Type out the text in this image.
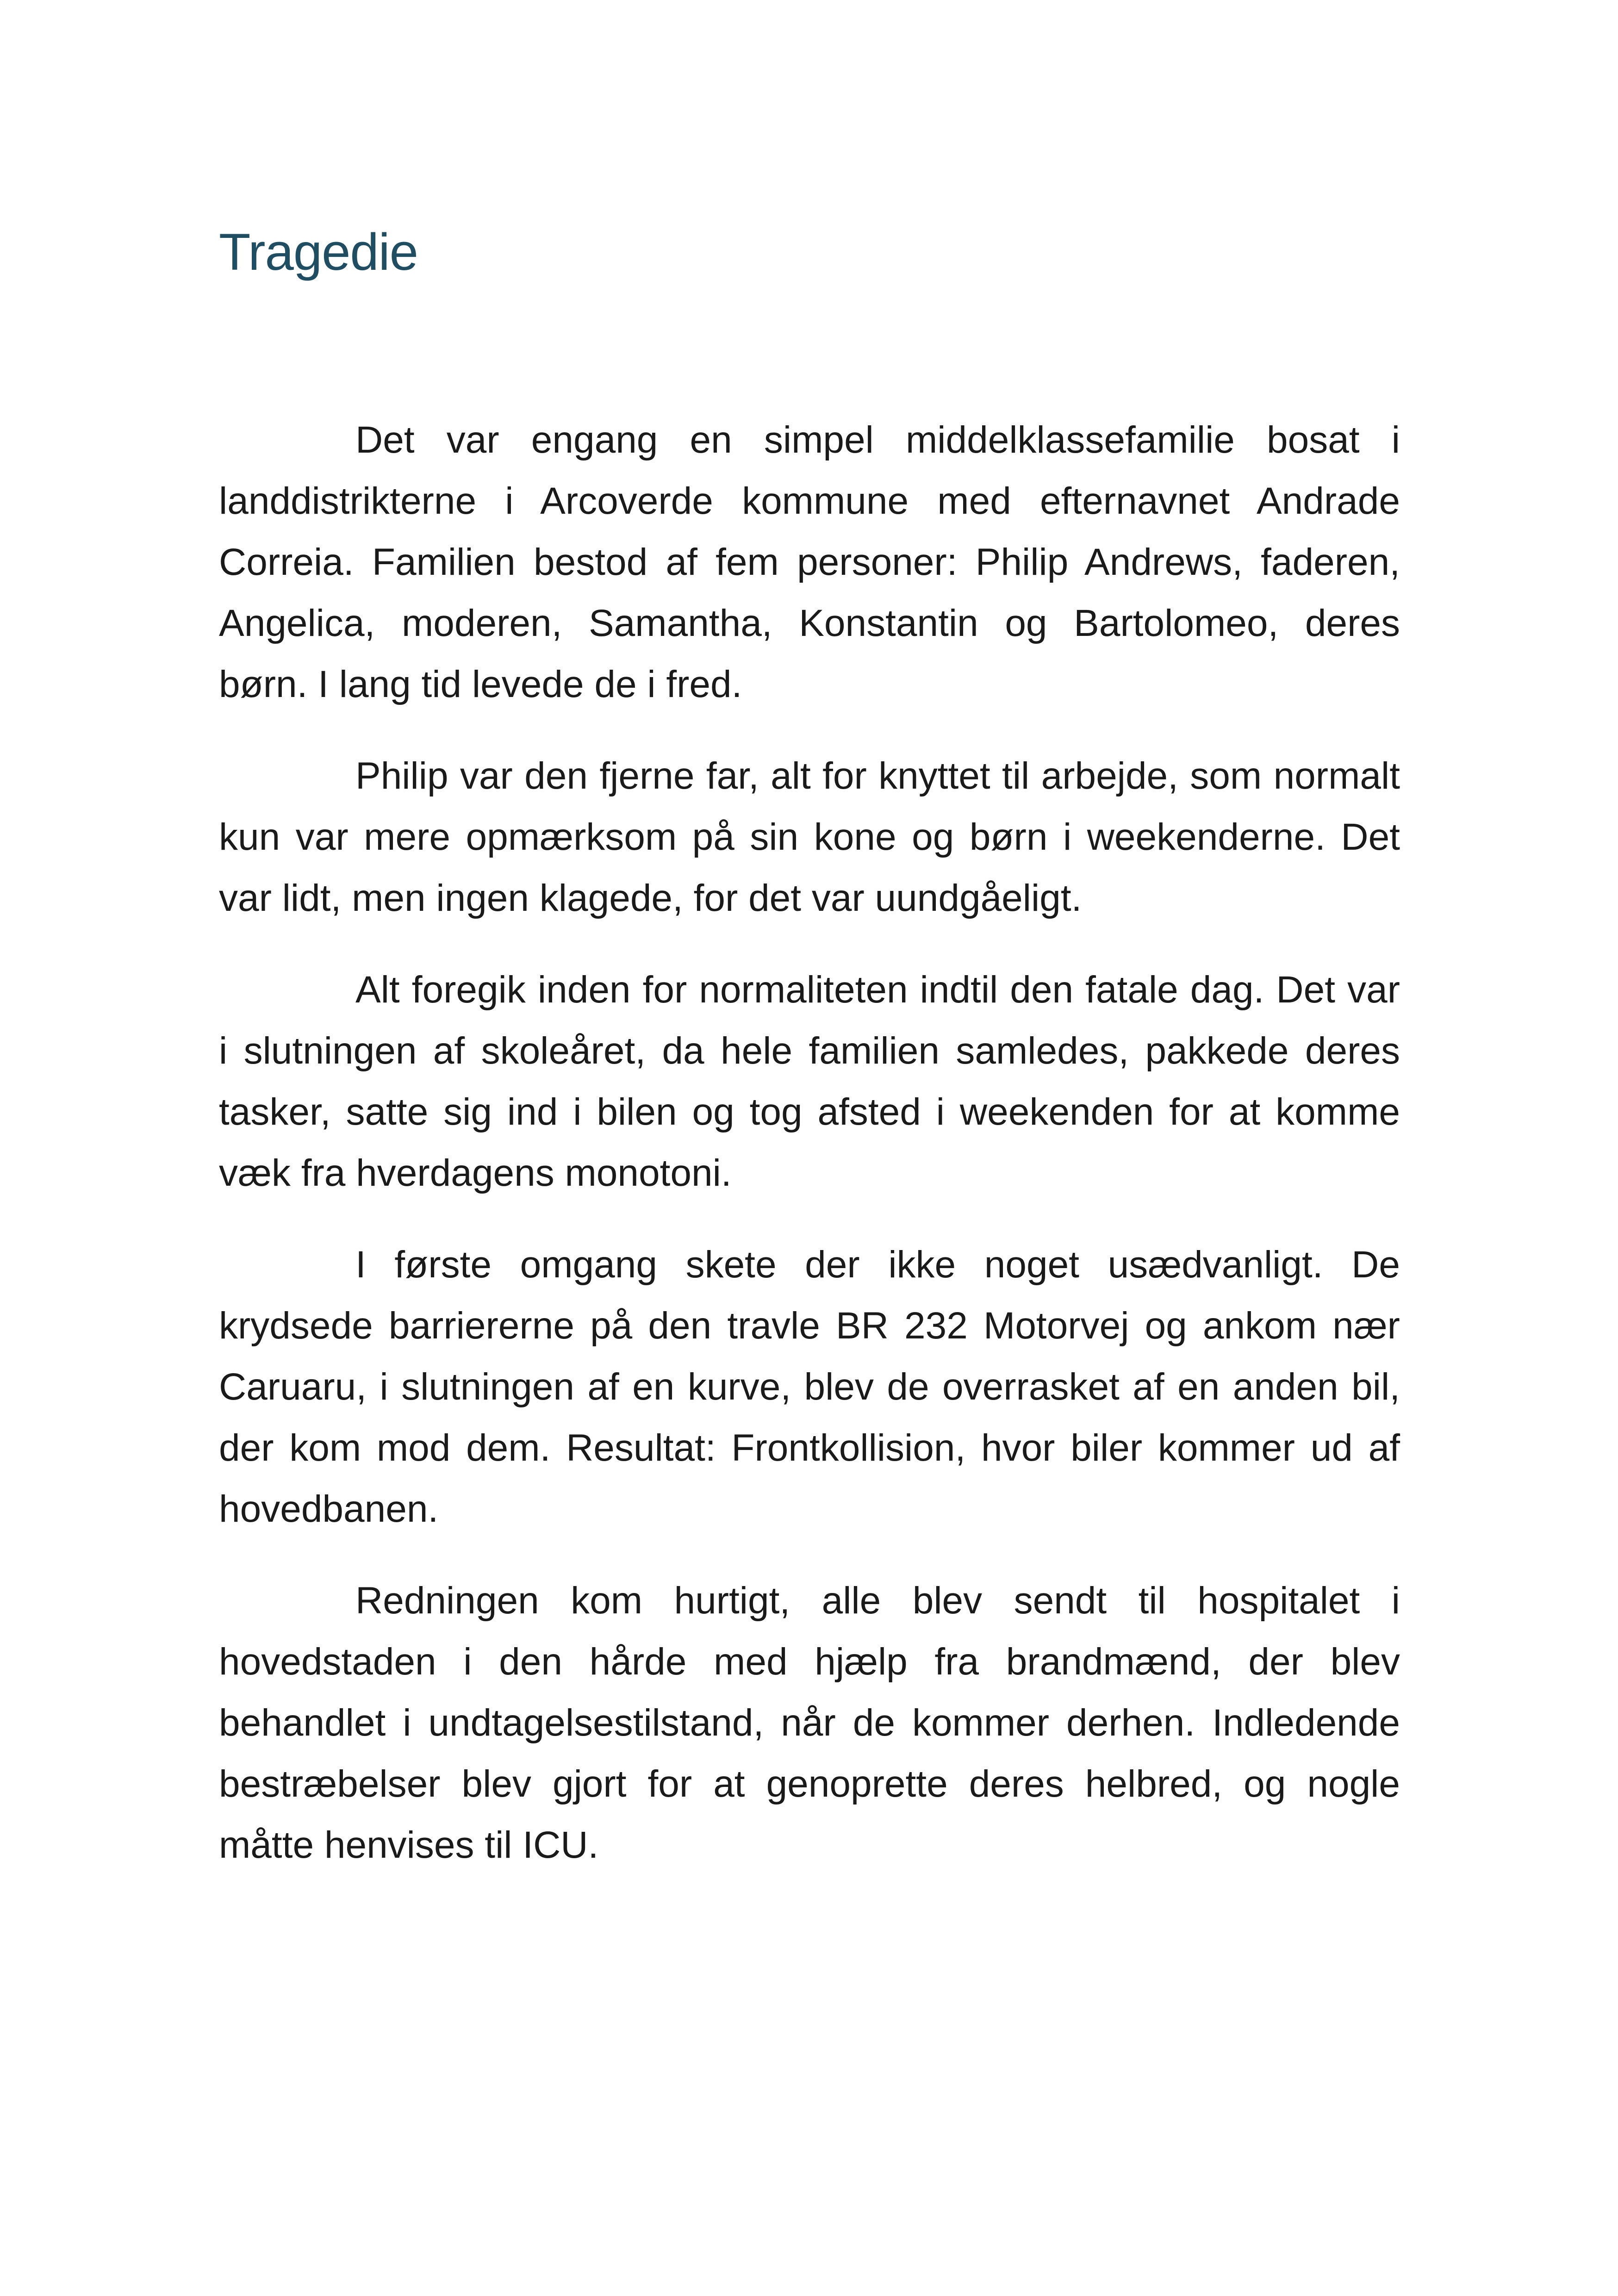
Tragedie

Det var engang en simpel middelklassefamilie bosat i landdistrikterne i Arcoverde kommune med efternavnet Andrade Correia. Familien bestod af fem personer: Philip Andrews, faderen, Angelica, moderen, Samantha, Konstantin og Bartolomeo, deres børn. I lang tid levede de i fred.

Philip var den fjerne far, alt for knyttet til arbejde, som normalt kun var mere opmærksom på sin kone og børn i weekenderne. Det var lidt, men ingen klagede, for det var uundgåeligt.

Alt foregik inden for normaliteten indtil den fatale dag. Det var i slutningen af skoleåret, da hele familien samledes, pakkede deres tasker, satte sig ind i bilen og tog afsted i weekenden for at komme væk fra hverdagens monotoni.

I første omgang skete der ikke noget usædvanligt. De krydsede barriererne på den travle BR 232 Motorvej og ankom nær Caruaru, i slutningen af en kurve, blev de overrasket af en anden bil, der kom mod dem. Resultat: Frontkollision, hvor biler kommer ud af hovedbanen.

Redningen kom hurtigt, alle blev sendt til hospitalet i hovedstaden i den hårde med hjælp fra brandmænd, der blev behandlet i undtagelsestilstand, når de kommer derhen. Indledende bestræbelser blev gjort for at genoprette deres helbred, og nogle måtte henvises til ICU.
